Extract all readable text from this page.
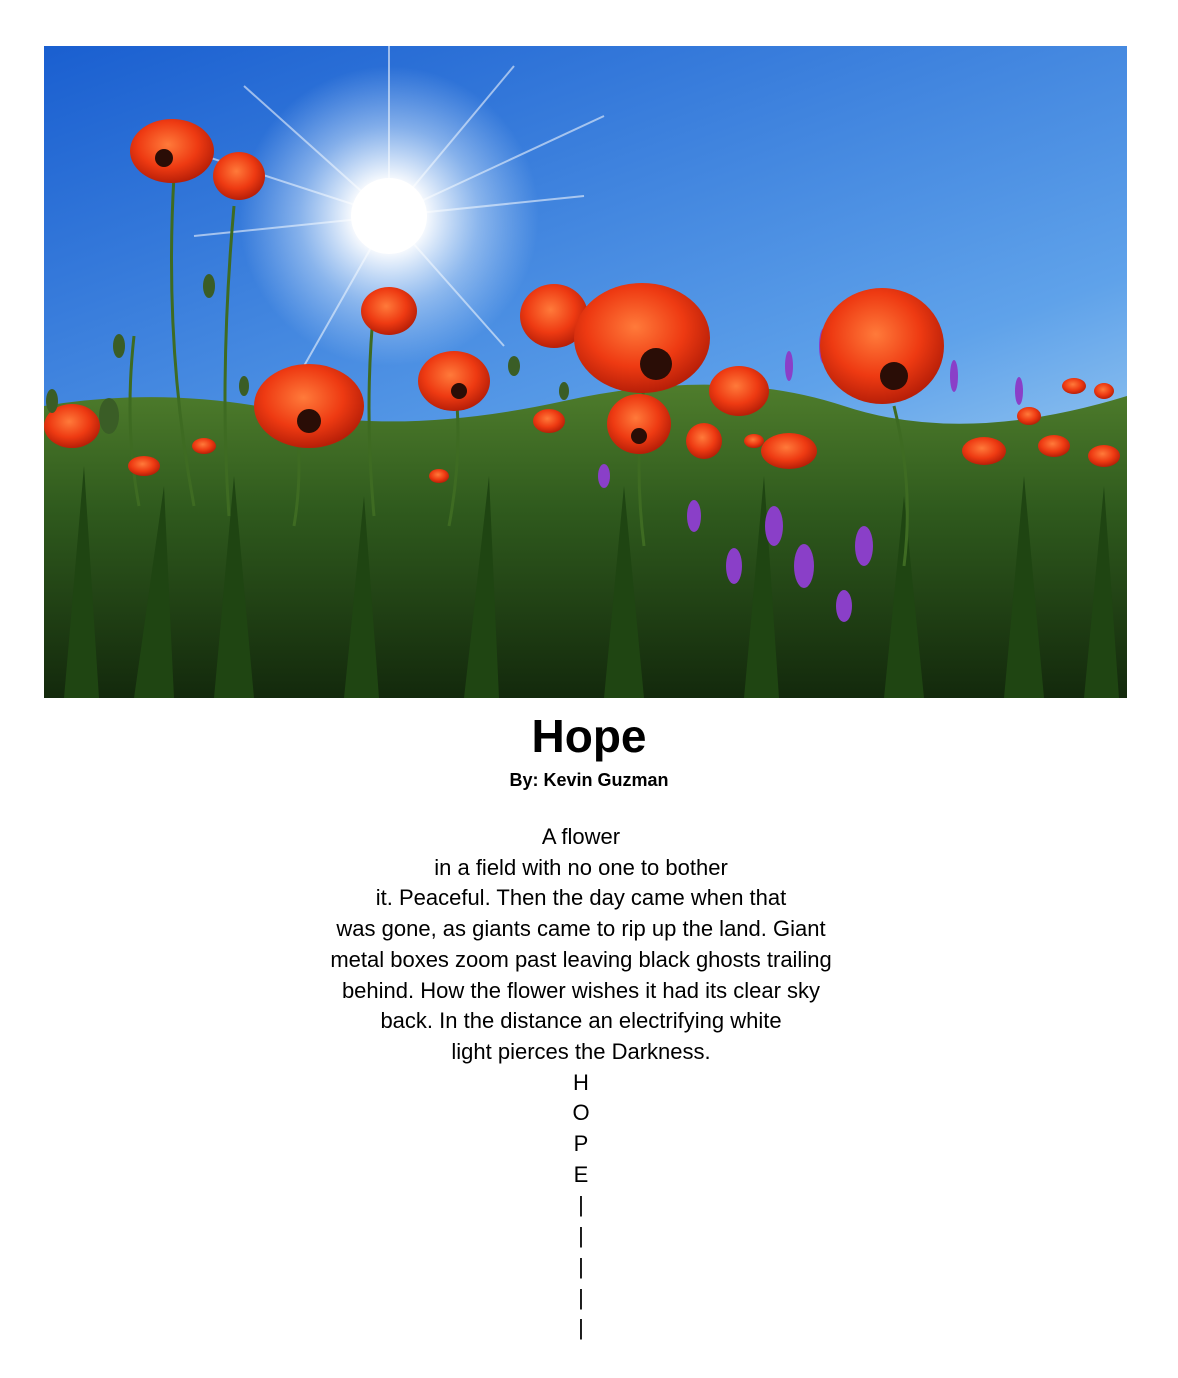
Hope
By: Kevin Guzman
A flower
in a field with no one to bother
it. Peaceful. Then the day came when that
was gone, as giants came to rip up the land. Giant
metal boxes zoom past leaving black ghosts trailing
behind. How the flower wishes it had its clear sky
back. In the distance an electrifying white
light pierces the Darkness.
H
O
P
E
|
|
|
|
|
